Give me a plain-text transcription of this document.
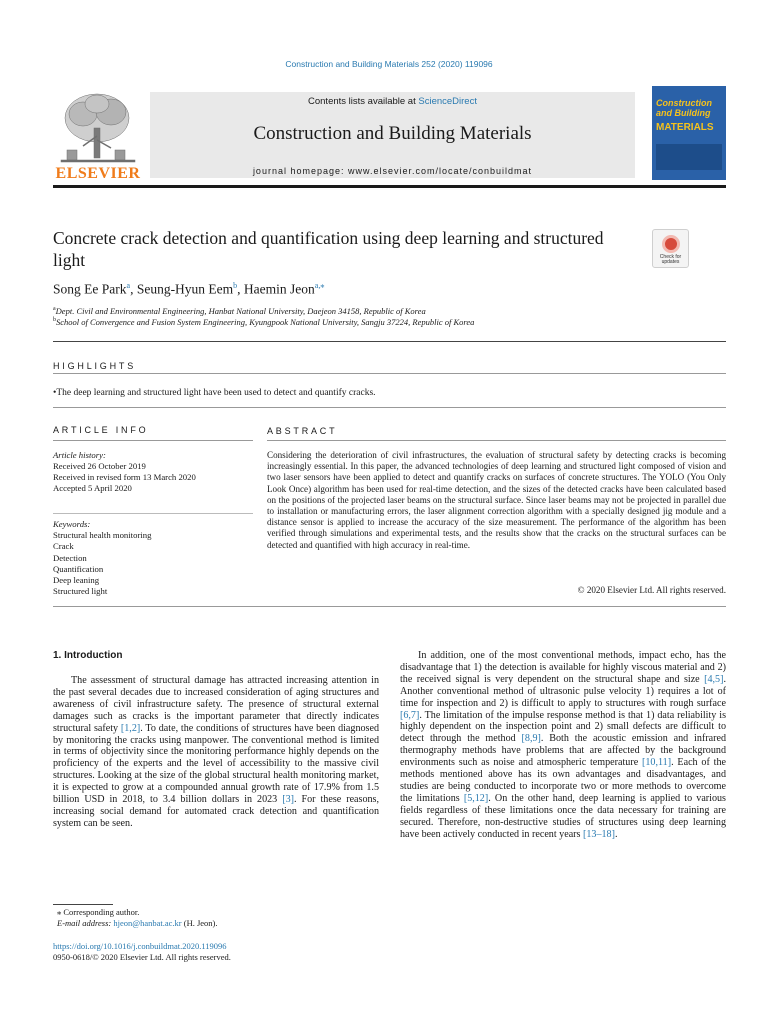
Construction and Building Materials 252 (2020) 119096
ELSEVIER
Contents lists available at ScienceDirect
Construction and Building Materials
journal homepage: www.elsevier.com/locate/conbuildmat
Construction and Building
MATERIALS
Concrete crack detection and quantification using deep learning and structured light	Check for updates
Song Ee Park$^a$, Seung-Hyun Eem$^b$, Haemin Jeon$^{a,⁎}$
$^a$Dept. Civil and Environmental Engineering, Hanbat National University, Daejeon 34158, Republic of Korea
$^b$School of Convergence and Fusion System Engineering, Kyungpook National University, Sangju 37224, Republic of Korea
HIGHLIGHTS
•The deep learning and structured light have been used to detect and quantify cracks.
ARTICLE INFO	ABSTRACT
Article history:
Received 26 October 2019
Received in revised form 13 March 2020
Accepted 5 April 2020
Keywords:
Structural health monitoring
Crack
Detection
Quantification
Deep leaning
Structured light
Considering the deterioration of civil infrastructures, the evaluation of structural safety by detecting cracks is becoming increasingly essential. In this paper, the advanced technologies of deep learning and structured light composed of vision and two laser sensors have been applied to detect and quantify cracks on surfaces of concrete structures. The YOLO (You Only Look Once) algorithm has been used for real-time detection, and the sizes of the detected cracks have been calculated based on the positions of the projected laser beams on the structural surface. Since laser beams may not be projected in parallel due to installation or manufacturing errors, the laser alignment correction algorithm with a specially designed jig module and a distance sensor is applied to increase the accuracy of the size measurement. The performance of the algorithm has been verified through simulations and experimental tests, and the results show that the cracks on the structural surfaces can be detected and quantified with high accuracy in real-time.
© 2020 Elsevier Ltd. All rights reserved.
1. Introduction

The assessment of structural damage has attracted increasing attention in the past several decades due to increased consideration of aging structures and awareness of civil infrastructure safety. The presence of structural external damages such as cracks is the important parameter that directly indicates structural safety [1,2]. To date, the conditions of structures have been diagnosed by monitoring the cracks using manpower. The conventional method is limited in terms of objectivity since the monitoring performance highly depends on the proficiency of the experts and the level of accessibility to the massive civil structures. Looking at the size of the global structural health monitoring market, it is expected to grow at a compounded annual growth rate of 17.9% from 1.5 billion USD in 2018, to 3.4 billion dollars in 2023 [3]. For these reasons, increasing social demand for automated crack detection and quantification system can be seen.

In addition, one of the most conventional methods, impact echo, has the disadvantage that 1) the detection is available for highly viscous material and 2) the received signal is very dependent on the structural shape and size [4,5]. Another conventional method of ultrasonic pulse velocity 1) requires a lot of time for inspection and 2) is difficult to apply to structures with rough surface [6,7]. The limitation of the impulse response method is that 1) data reliability is highly dependent on the inspection point and 2) small defects are difficult to detect through the method [8,9]. Both the acoustic emission and infrared thermography methods have problems that are affected by the background environments such as noise and atmospheric temperature [10,11]. Each of the methods mentioned above has its own advantages and disadvantages, and studies are being conducted to incorporate two or more methods to overcome the limitations [5,12]. On the other hand, deep learning is applied to various fields regardless of these limitations once the data necessary for training are secured. Therefore, non-destructive studies of structures using deep learning have been actively conducted in recent years [13–18].

⁎ Corresponding author.
E-mail address: hjeon@hanbat.ac.kr (H. Jeon).
https://doi.org/10.1016/j.conbuildmat.2020.119096
0950-0618/© 2020 Elsevier Ltd. All rights reserved.
